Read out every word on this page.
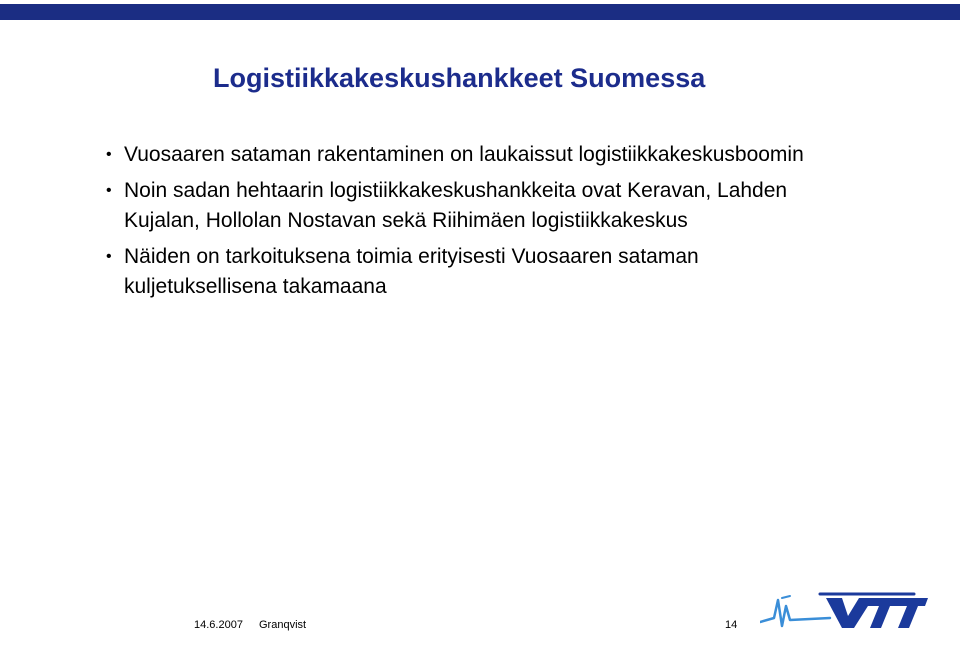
Logistiikkakeskushankkeet Suomessa
• Vuosaaren sataman rakentaminen on laukaissut logistiikkakeskusboomin
• Noin sadan hehtaarin logistiikkakeskushankkeita ovat Keravan, Lahden Kujalan, Hollolan Nostavan sekä Riihimäen logistiikkakeskus
• Näiden on tarkoituksena toimia erityisesti Vuosaaren sataman kuljetuksellisena takamaana
14.6.2007 Granqvist	14
